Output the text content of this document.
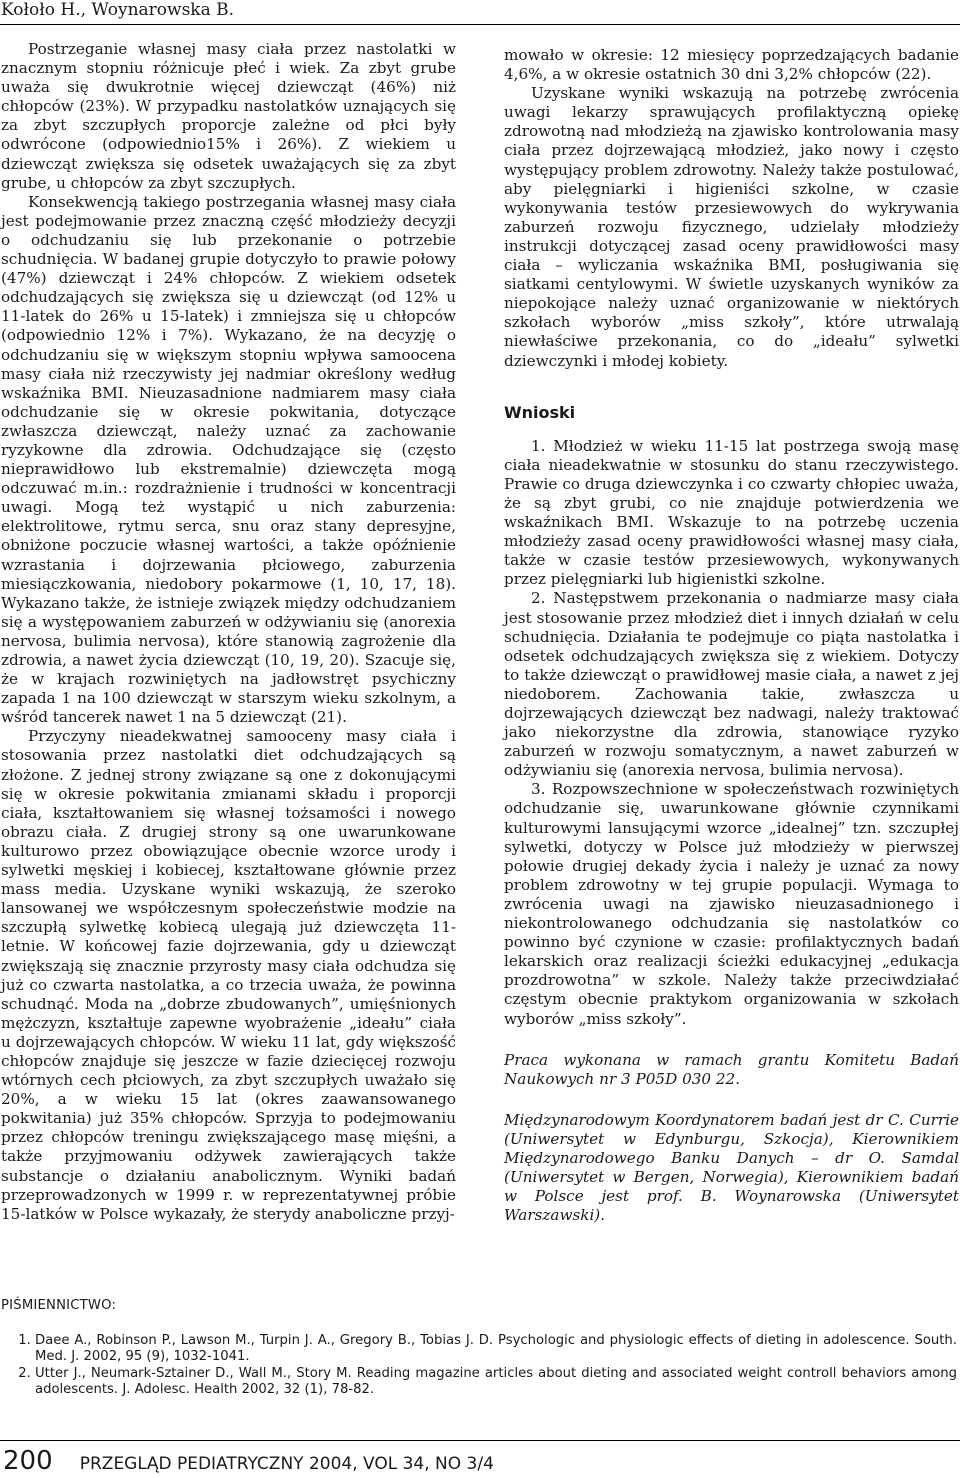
Kołoło H., Woynarowska B.

Postrzeganie własnej masy ciała przez nastolatki w znacznym stopniu różnicuje płeć i wiek. Za zbyt grube uważa się dwukrotnie więcej dziewcząt (46%) niż chłopców (23%). W przypadku nastolatków uznających się za zbyt szczupłych proporcje zależne od płci były odwrócone (odpowiednio15% i 26%). Z wiekiem u dziewcząt zwiększa się odsetek uważających się za zbyt grube, u chłopców za zbyt szczupłych.

Konsekwencją takiego postrzegania własnej masy ciała jest podejmowanie przez znaczną część młodzieży decyzji o odchudzaniu się lub przekonanie o potrzebie schudnięcia. W badanej grupie dotyczyło to prawie połowy (47%) dziewcząt i 24% chłopców. Z wiekiem odsetek odchudzających się zwiększa się u dziewcząt (od 12% u 11-latek do 26% u 15-latek) i zmniejsza się u chłopców (odpowiednio 12% i 7%). Wykazano, że na decyzję o odchudzaniu się w większym stopniu wpływa samoocena masy ciała niż rzeczywisty jej nadmiar określony według wskaźnika BMI. Nieuzasadnione nadmiarem masy ciała odchudzanie się w okresie pokwitania, dotyczące zwłaszcza dziewcząt, należy uznać za zachowanie ryzykowne dla zdrowia. Odchudzające się (często nieprawidłowo lub ekstremalnie) dziewczęta mogą odczuwać m.in.: rozdrażnienie i trudności w koncentracji uwagi. Mogą też wystąpić u nich zaburzenia: elektrolitowe, rytmu serca, snu oraz stany depresyjne, obniżone poczucie własnej wartości, a także opóźnienie wzrastania i dojrzewania płciowego, zaburzenia miesiączkowania, niedobory pokarmowe (1, 10, 17, 18). Wykazano także, że istnieje związek między odchudzaniem się a występowaniem zaburzeń w odżywianiu się (anorexia nervosa, bulimia nervosa), które stanowią zagrożenie dla zdrowia, a nawet życia dziewcząt (10, 19, 20). Szacuje się, że w krajach rozwiniętych na jadłowstręt psychiczny zapada 1 na 100 dziewcząt w starszym wieku szkolnym, a wśród tancerek nawet 1 na 5 dziewcząt (21).

Przyczyny nieadekwatnej samooceny masy ciała i stosowania przez nastolatki diet odchudzających są złożone. Z jednej strony związane są one z dokonującymi się w okresie pokwitania zmianami składu i proporcji ciała, kształtowaniem się własnej tożsamości i nowego obrazu ciała. Z drugiej strony są one uwarunkowane kulturowo przez obowiązujące obecnie wzorce urody i sylwetki męskiej i kobiecej, kształtowane głównie przez mass media. Uzyskane wyniki wskazują, że szeroko lansowanej we współczesnym społeczeństwie modzie na szczupłą sylwetkę kobiecą ulegają już dziewczęta 11-letnie. W końcowej fazie dojrzewania, gdy u dziewcząt zwiększają się znacznie przyrosty masy ciała odchudza się już co czwarta nastolatka, a co trzecia uważa, że powinna schudnąć. Moda na „dobrze zbudowanych”, umięśnionych mężczyzn, kształtuje zapewne wyobrażenie „ideału” ciała u dojrzewających chłopców. W wieku 11 lat, gdy większość chłopców znajduje się jeszcze w fazie dziecięcej rozwoju wtórnych cech płciowych, za zbyt szczupłych uważało się 20%, a w wieku 15 lat (okres zaawansowanego pokwitania) już 35% chłopców. Sprzyja to podejmowaniu przez chłopców treningu zwiększającego masę mięśni, a także przyjmowaniu odżywek zawierających także substancje o działaniu anabolicznym. Wyniki badań przeprowadzonych w 1999 r. w reprezentatywnej próbie 15-latków w Polsce wykazały, że sterydy anaboliczne przyj-

mowało w okresie: 12 miesięcy poprzedzających badanie 4,6%, a w okresie ostatnich 30 dni 3,2% chłopców (22).

Uzyskane wyniki wskazują na potrzebę zwrócenia uwagi lekarzy sprawujących profilaktyczną opiekę zdrowotną nad młodzieżą na zjawisko kontrolowania masy ciała przez dojrzewającą młodzież, jako nowy i często występujący problem zdrowotny. Należy także postulować, aby pielęgniarki i higieniści szkolne, w czasie wykonywania testów przesiewowych do wykrywania zaburzeń rozwoju fizycznego, udzielały młodzieży instrukcji dotyczącej zasad oceny prawidłowości masy ciała – wyliczania wskaźnika BMI, posługiwania się siatkami centylowymi. W świetle uzyskanych wyników za niepokojące należy uznać organizowanie w niektórych szkołach wyborów „miss szkoły”, które utrwalają niewłaściwe przekonania, co do „ideału” sylwetki dziewczynki i młodej kobiety.

Wnioski

1. Młodzież w wieku 11-15 lat postrzega swoją masę ciała nieadekwatnie w stosunku do stanu rzeczywistego. Prawie co druga dziewczynka i co czwarty chłopiec uważa, że są zbyt grubi, co nie znajduje potwierdzenia we wskaźnikach BMI. Wskazuje to na potrzebę uczenia młodzieży zasad oceny prawidłowości własnej masy ciała, także w czasie testów przesiewowych, wykonywanych przez pielęgniarki lub higienistki szkolne.

2. Następstwem przekonania o nadmiarze masy ciała jest stosowanie przez młodzież diet i innych działań w celu schudnięcia. Działania te podejmuje co piąta nastolatka i odsetek odchudzających zwiększa się z wiekiem. Dotyczy to także dziewcząt o prawidłowej masie ciała, a nawet z jej niedoborem. Zachowania takie, zwłaszcza u dojrzewających dziewcząt bez nadwagi, należy traktować jako niekorzystne dla zdrowia, stanowiące ryzyko zaburzeń w rozwoju somatycznym, a nawet zaburzeń w odżywianiu się (anorexia nervosa, bulimia nervosa).

3. Rozpowszechnione w społeczeństwach rozwiniętych odchudzanie się, uwarunkowane głównie czynnikami kulturowymi lansującymi wzorce „idealnej” tzn. szczupłej sylwetki, dotyczy w Polsce już młodzieży w pierwszej połowie drugiej dekady życia i należy je uznać za nowy problem zdrowotny w tej grupie populacji. Wymaga to zwrócenia uwagi na zjawisko nieuzasadnionego i niekontrolowanego odchudzania się nastolatków co powinno być czynione w czasie: profilaktycznych badań lekarskich oraz realizacji ścieżki edukacyjnej „edukacja prozdrowotna” w szkole. Należy także przeciwdziałać częstym obecnie praktykom organizowania w szkołach wyborów „miss szkoły”.

Praca wykonana w ramach grantu Komitetu Badań Naukowych nr 3 P05D 030 22.

Międzynarodowym Koordynatorem badań jest dr C. Currie (Uniwersytet w Edynburgu, Szkocja), Kierownikiem Międzynarodowego Banku Danych – dr O. Samdal (Uniwersytet w Bergen, Norwegia), Kierownikiem badań w Polsce jest prof. B. Woynarowska (Uniwersytet Warszawski).

PIŚMIENNICTWO:
1. Daee A., Robinson P., Lawson M., Turpin J. A., Gregory B., Tobias J. D. Psychologic and physiologic effects of dieting in adolescence. South. Med. J. 2002, 95 (9), 1032-1041.
2. Utter J., Neumark-Sztainer D., Wall M., Story M. Reading magazine articles about dieting and associated weight controll behaviors among adolescents. J. Adolesc. Health 2002, 32 (1), 78-82.
200 PRZEGLĄD PEDIATRYCZNY 2004, VOL 34, NO 3/4
